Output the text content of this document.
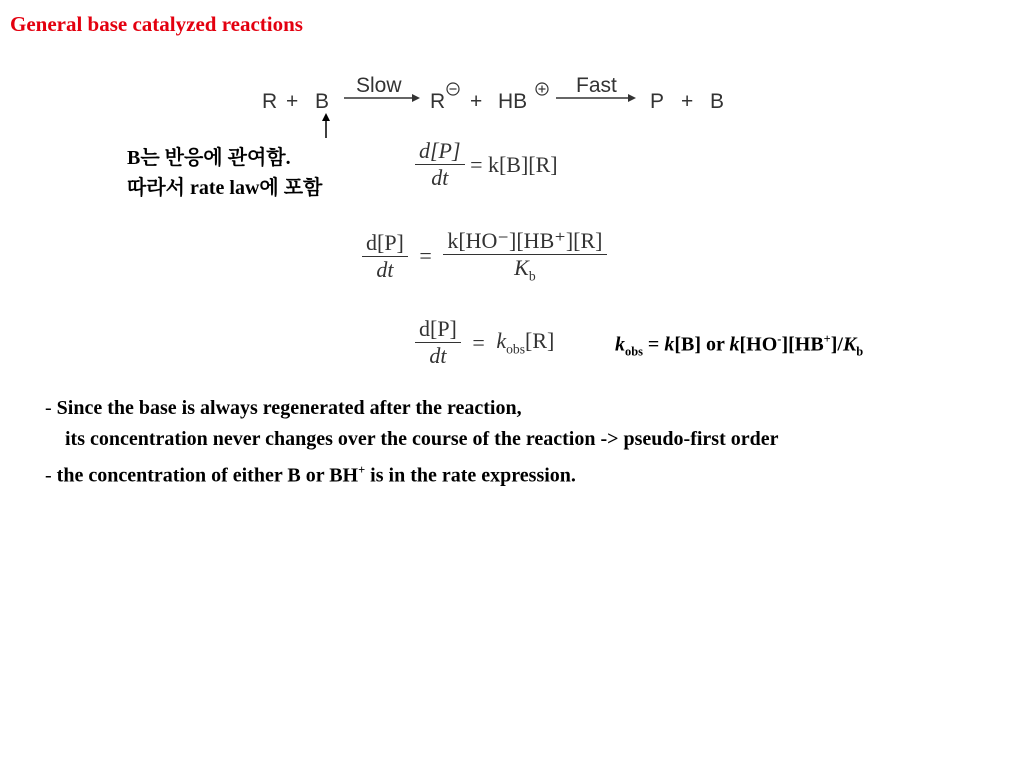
General base catalyzed reactions
R + B
Slow
R + HB
Fast
P + B
B는 반응에 관여함.
따라서 rate law에 포함	$\frac{d[P]}{dt} = k[B][R]$
$\frac{d[P]}{dt} = \frac{k[HO^-][HB^+][R]}{K_b}$
$\frac{d[P]}{dt} = k_{obs}[R]$	$k_{obs} = k[B]$ or $k[HO^-][HB^+]/K_b$
- Since the base is always regenerated after the reaction,
its concentration never changes over the course of the reaction -> pseudo-first order
- the concentration of either B or BH+ is in the rate expression.
